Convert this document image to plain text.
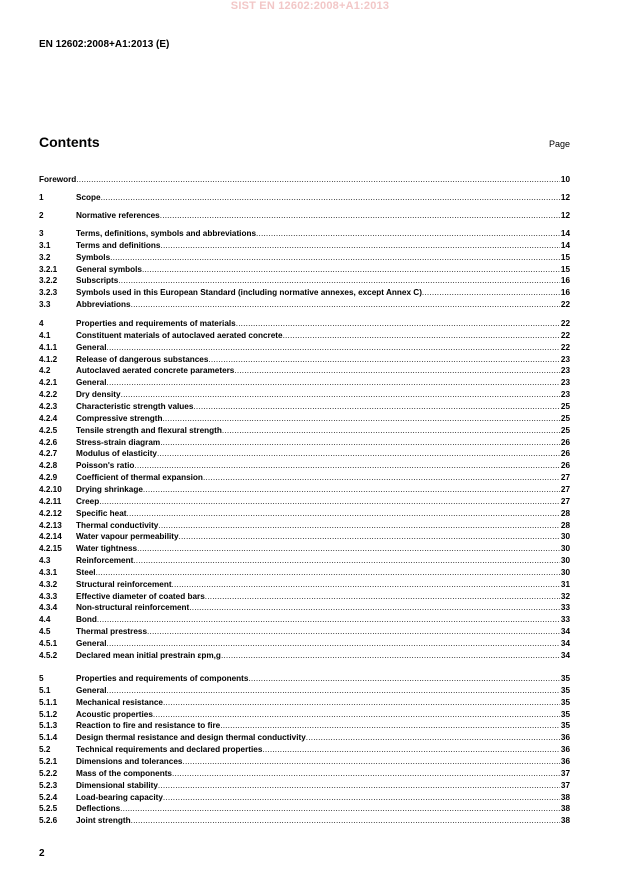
SIST EN 12602:2008+A1:2013
EN 12602:2008+A1:2013 (E)
Contents	Page
Foreword .....	10
1	Scope .....	12
2	Normative references .....	12
3	Terms, definitions, symbols and abbreviations .....	14
3.1	Terms and definitions .....	14
3.2	Symbols .....	15
3.2.1	General symbols .....	15
3.2.2	Subscripts .....	16
3.2.3	Symbols used in this European Standard (including normative annexes, except Annex C) .....	16
3.3	Abbreviations .....	22
4	Properties and requirements of materials .....	22
4.1	Constituent materials of autoclaved aerated concrete .....	22
4.1.1	General .....	22
4.1.2	Release of dangerous substances .....	23
4.2	Autoclaved aerated concrete parameters .....	23
4.2.1	General .....	23
4.2.2	Dry density .....	23
4.2.3	Characteristic strength values .....	25
4.2.4	Compressive strength .....	25
4.2.5	Tensile strength and flexural strength .....	25
4.2.6	Stress-strain diagram .....	26
4.2.7	Modulus of elasticity .....	26
4.2.8	Poisson's ratio .....	26
4.2.9	Coefficient of thermal expansion .....	27
4.2.10	Drying shrinkage .....	27
4.2.11	Creep .....	27
4.2.12	Specific heat .....	28
4.2.13	Thermal conductivity .....	28
4.2.14	Water vapour permeability .....	30
4.2.15	Water tightness .....	30
4.3	Reinforcement .....	30
4.3.1	Steel .....	30
4.3.2	Structural reinforcement .....	31
4.3.3	Effective diameter of coated bars .....	32
4.3.4	Non-structural reinforcement .....	33
4.4	Bond .....	33
4.5	Thermal prestress .....	34
4.5.1	General .....	34
4.5.2	Declared mean initial prestrain εpm,g .....	34
5	Properties and requirements of components .....	35
5.1	General .....	35
5.1.1	Mechanical resistance .....	35
5.1.2	Acoustic properties .....	35
5.1.3	Reaction to fire and resistance to fire .....	35
5.1.4	Design thermal resistance and design thermal conductivity .....	36
5.2	Technical requirements and declared properties .....	36
5.2.1	Dimensions and tolerances .....	36
5.2.2	Mass of the components .....	37
5.2.3	Dimensional stability .....	37
5.2.4	Load-bearing capacity .....	38
5.2.5	Deflections .....	38
5.2.6	Joint strength .....	38
2
